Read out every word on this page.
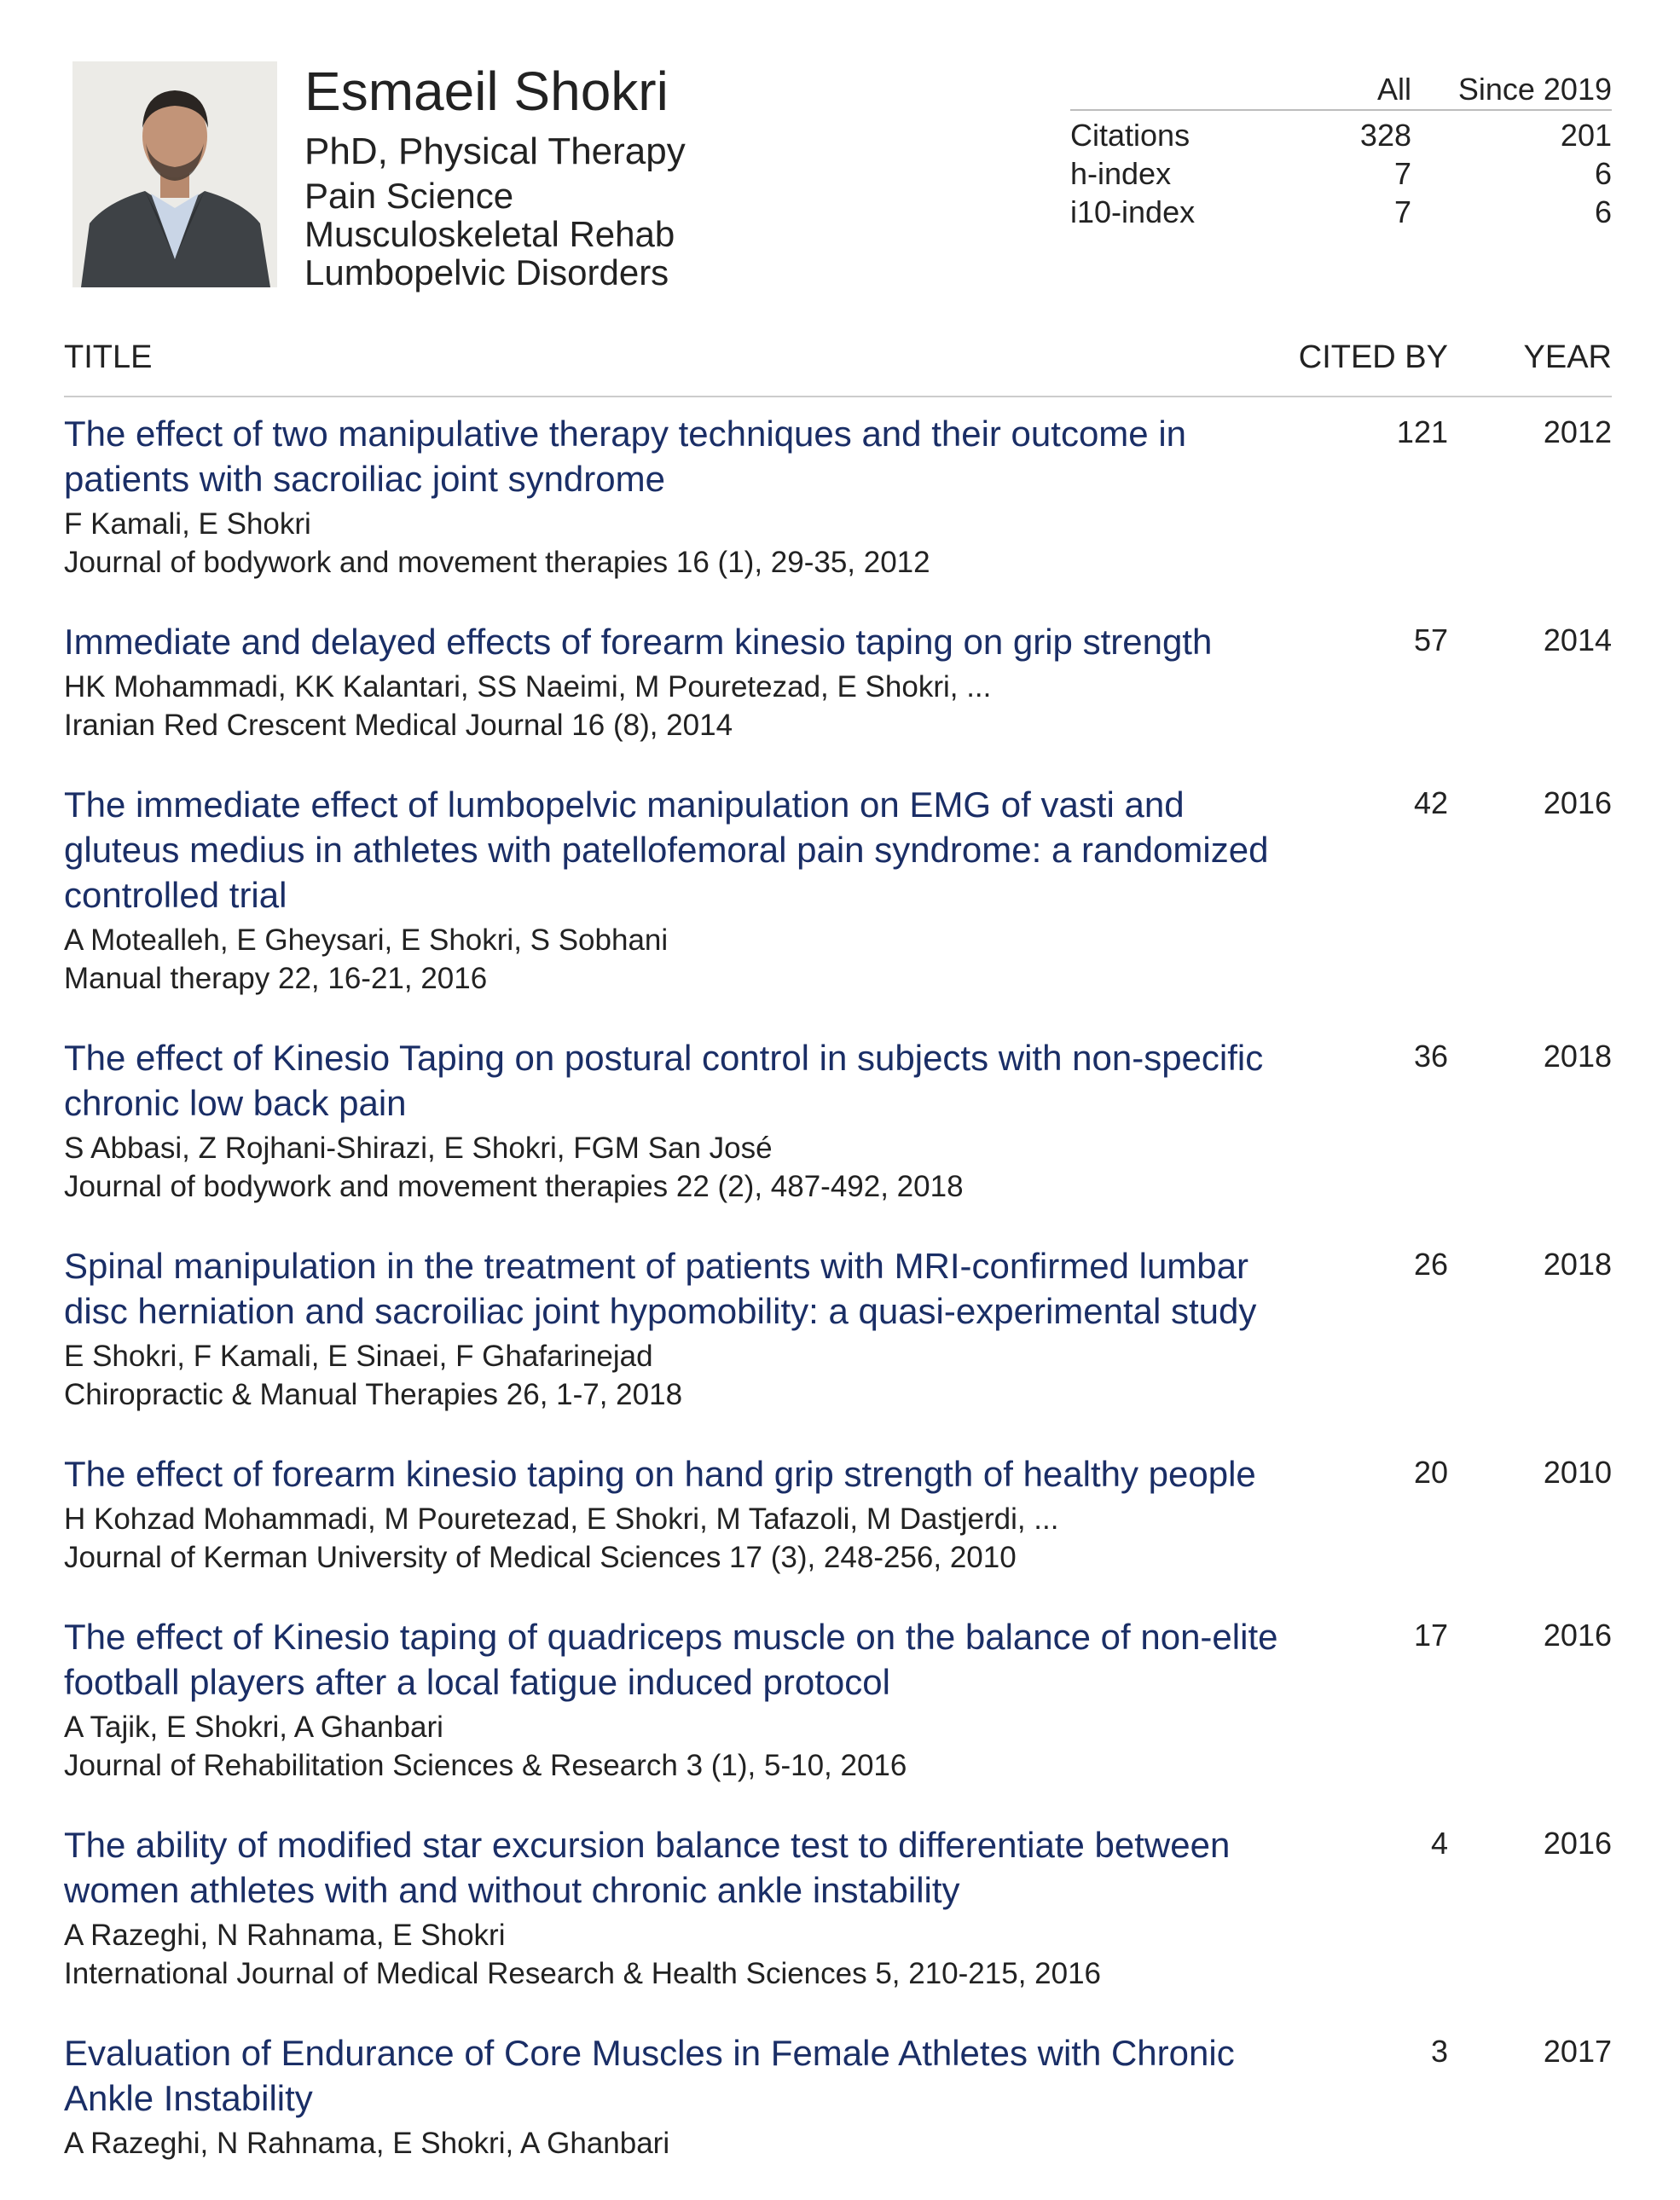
Esmaeil Shokri
PhD, Physical Therapy
Pain Science
Musculoskeletal Rehab
Lumbopelvic Disorders
All Since 2019
Citations	328	201
h-index	7	6
i10-index	7	6
TITLE	CITED BY YEAR
The effect of two manipulative therapy techniques and their outcome in patients with sacroiliac joint syndrome
F Kamali, E Shokri
Journal of bodywork and movement therapies 16 (1), 29-35, 2012
121	2012
Immediate and delayed effects of forearm kinesio taping on grip strength
HK Mohammadi, KK Kalantari, SS Naeimi, M Pouretezad, E Shokri, ...
Iranian Red Crescent Medical Journal 16 (8), 2014
57	2014
The immediate effect of lumbopelvic manipulation on EMG of vasti and gluteus medius in athletes with patellofemoral pain syndrome: a randomized controlled trial
A Motealleh, E Gheysari, E Shokri, S Sobhani
Manual therapy 22, 16-21, 2016
42	2016
The effect of Kinesio Taping on postural control in subjects with non-specific chronic low back pain
S Abbasi, Z Rojhani-Shirazi, E Shokri, FGM San José
Journal of bodywork and movement therapies 22 (2), 487-492, 2018
36	2018
Spinal manipulation in the treatment of patients with MRI-confirmed lumbar disc herniation and sacroiliac joint hypomobility: a quasi-experimental study
E Shokri, F Kamali, E Sinaei, F Ghafarinejad
Chiropractic & Manual Therapies 26, 1-7, 2018
26	2018
The effect of forearm kinesio taping on hand grip strength of healthy people
H Kohzad Mohammadi, M Pouretezad, E Shokri, M Tafazoli, M Dastjerdi, ...
Journal of Kerman University of Medical Sciences 17 (3), 248-256, 2010
20	2010
The effect of Kinesio taping of quadriceps muscle on the balance of non-elite football players after a local fatigue induced protocol
A Tajik, E Shokri, A Ghanbari
Journal of Rehabilitation Sciences & Research 3 (1), 5-10, 2016
17	2016
The ability of modified star excursion balance test to differentiate between women athletes with and without chronic ankle instability
A Razeghi, N Rahnama, E Shokri
International Journal of Medical Research & Health Sciences 5, 210-215, 2016
4	2016
Evaluation of Endurance of Core Muscles in Female Athletes with Chronic Ankle Instability
A Razeghi, N Rahnama, E Shokri, A Ghanbari
3	2017
